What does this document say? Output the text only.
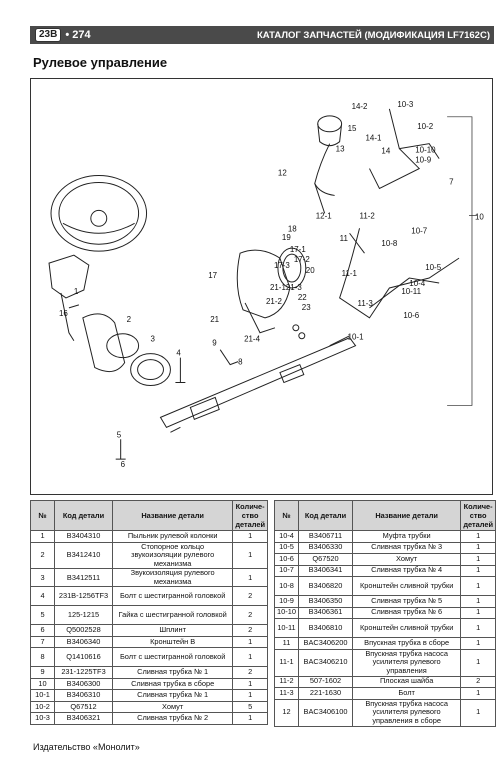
23В • 274	КАТАЛОГ ЗАПЧАСТЕЙ (МОДИФИКАЦИЯ LF7162C)
Рулевое управление
1
2
3
4
5
6
7
8
9
10
11
12
13	14
15
16
17
18
19
20
21
22
23
10-1
10-2
10-3
10-4
10-5
10-6
10-7
10-8
10-9
10-10
10-11
11-1
11-2
11-3
12-1
14-1
14-2
17-1
17-2
17-3
21-1
21-2
21-3
21-4
№	Код детали	Название детали	Количе-ство деталей
1	B3404310	Пыльник рулевой колонки	1
2	B3412410	Стопорное кольцо звукоизоляции рулевого механизма	1
3	B3412511	Звукоизоляция рулевого механизма	1
4	231B-1256TF3	Болт с шестигранной головкой	2
5	125-1215	Гайка с шестигранной головкой	2
6	Q5002528	Шплинт	2
7	B3406340	Кронштейн B	1
8	Q1410616	Болт с шестигранной головкой	1
9	231-1225TF3	Сливная трубка № 1	2
10	B3406300	Сливная трубка в сборе	1
10-1	B3406310	Сливная трубка № 1	1
10-2	Q67512	Хомут	5
10-3	B3406321	Сливная трубка № 2	1
№	Код детали	Название детали	Количе-ство деталей
10-4	B3406711	Муфта трубки	1
10-5	B3406330	Сливная трубка № 3	1
10-6	Q67520	Хомут	1
10-7	B3406341	Сливная трубка № 4	1
10-8	B3406820	Кронштейн сливной трубки	1
10-9	B3406350	Сливная трубка № 5	1
10-10	B3406361	Сливная трубка № 6	1
10-11	B3406810	Кронштейн сливной трубки	1
11	BAC3406200	Впускная трубка в сборе	1
11-1	BAC3406210	Впускная трубка насоса усилителя рулевого управления	1
11-2	507-1602	Плоская шайба	2
11-3	221-1630	Болт	1
12	BAC3406100	Впускная трубка насоса усилителя рулевого управления в сборе	1
Издательство «Монолит»
